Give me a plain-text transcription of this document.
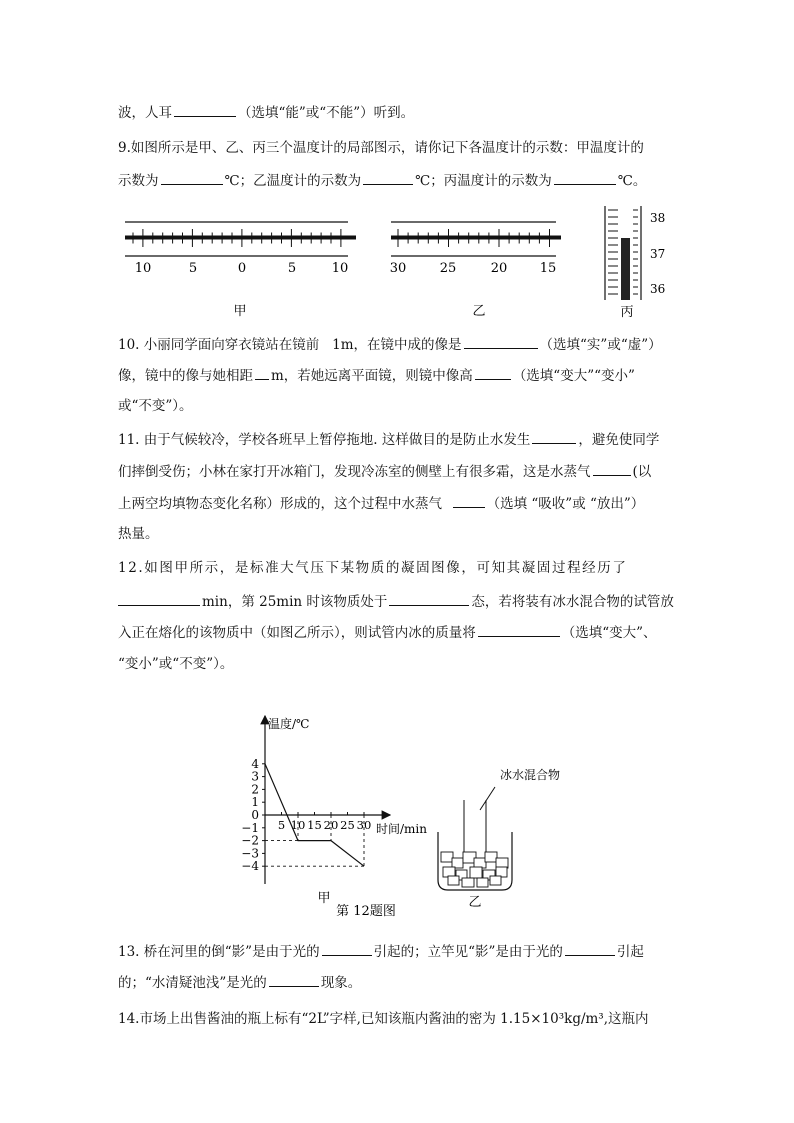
波，人耳	（选填“能”或“不能”）听到。
9.如图所示是甲、乙、丙三个温度计的局部图示，请你记下各温度计的示数：甲温度计的
示数为	℃；乙温度计的示数为	℃；丙温度计的示数为	℃。
10	5	0	5	10
甲
30	25	20 15
乙
38
37
36
丙
10. 小丽同学面向穿衣镜站在镜前 1m，在镜中成的像是	（选填“实”或“虚”）
像，镜中的像与她相距 m，若她远离平面镜，则镜中像高	（选填“变大”“变小”
或“不变”）。
11. 由于气候较冷，学校各班早上暂停拖地. 这样做目的是防止水发生	，避免使同学
们摔倒受伤；小林在家打开冰箱门，发现冷冻室的侧壁上有很多霜，这是水蒸气	(以
上两空均填物态变化名称）形成的，这个过程中水蒸气	（选填 “吸收”或 “放出”）
热量。
12.如图甲所示，是标准大气压下某物质的凝固图像，可知其凝固过程经历了
min，第 25min 时该物质处于	态，若将装有冰水混合物的试管放
入正在熔化的该物质中（如图乙所示），则试管内冰的质量将	（选填“变大”、
“变小”或“不变”）。
温度/℃
时间/min
4
3
2
1
0
−1
−2
−3
−4
5 10 15 20 25 30
甲
第 12题图
冰水混合物
乙
13. 桥在河里的倒“影”是由于光的	引起的；立竿见“影”是由于光的	引起
的；“水清疑池浅”是光的	现象。
14.市场上出售酱油的瓶上标有“2L”字样,已知该瓶内酱油的密为 1.15×10³kg/m³,这瓶内
